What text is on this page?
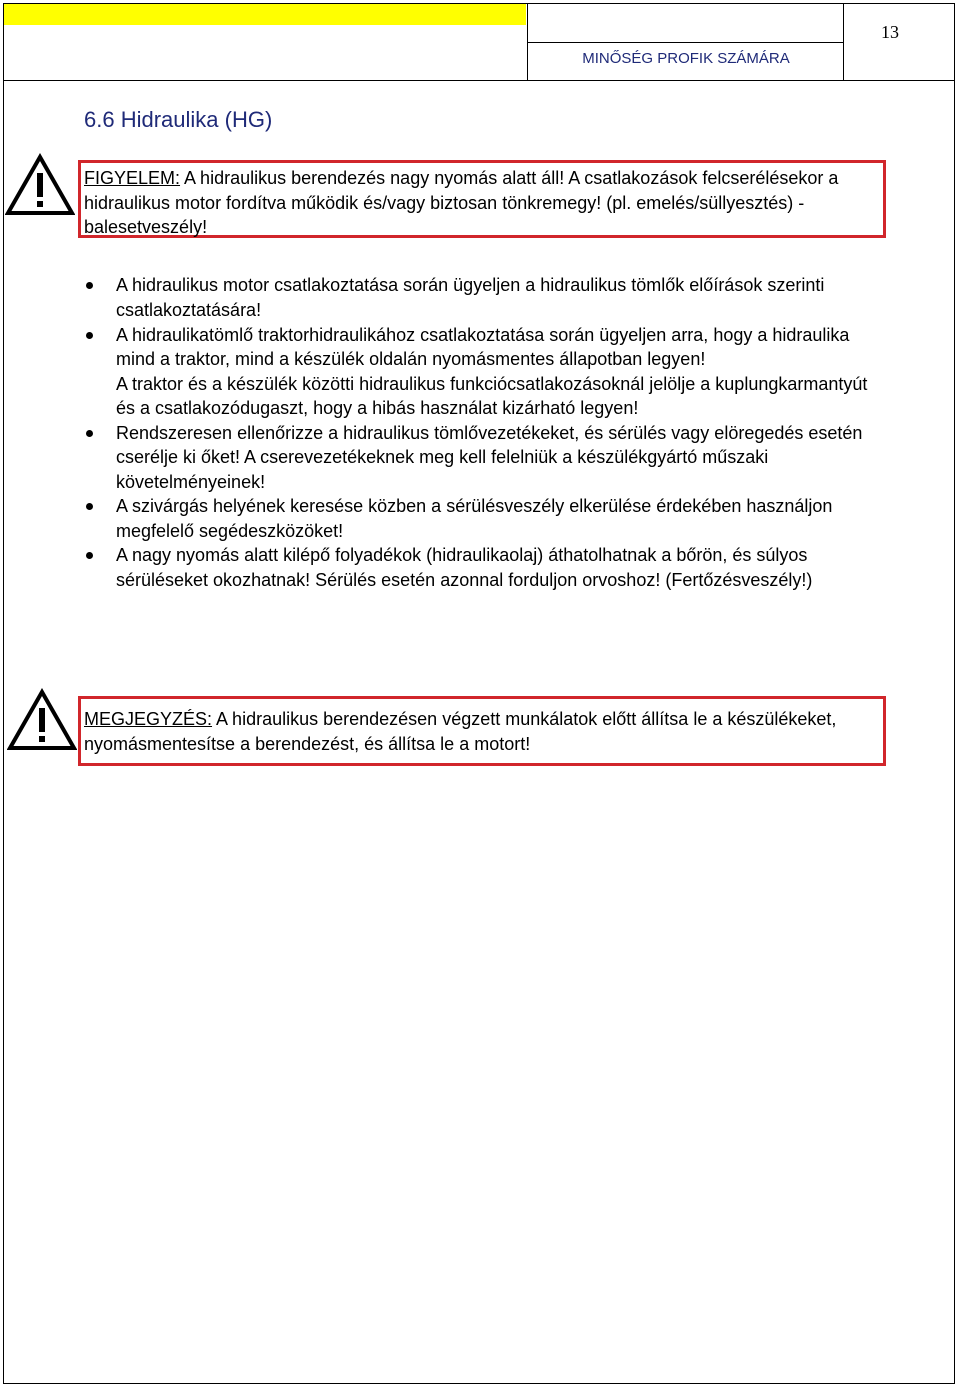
13
MINŐSÉG PROFIK SZÁMÁRA
6.6 Hidraulika (HG)
FIGYELEM: A hidraulikus berendezés nagy nyomás alatt áll! A csatlakozások felcserélésekor a hidraulikus motor fordítva működik és/vagy biztosan tönkremegy! (pl. emelés/süllyesztés) - balesetveszély!
A hidraulikus motor csatlakoztatása során ügyeljen a hidraulikus tömlők előírások szerinti csatlakoztatására!
A hidraulikatömlő traktorhidraulikához csatlakoztatása során ügyeljen arra, hogy a hidraulika mind a traktor, mind a készülék oldalán nyomásmentes állapotban legyen!
A traktor és a készülék közötti hidraulikus funkciócsatlakozásoknál jelölje a kuplungkarmantyút és a csatlakozódugaszt, hogy a hibás használat kizárható legyen!
Rendszeresen ellenőrizze a hidraulikus tömlővezetékeket, és sérülés vagy elöregedés esetén cserélje ki őket! A cserevezetékeknek meg kell felelniük a készülékgyártó műszaki követelményeinek!
A szivárgás helyének keresése közben a sérülésveszély elkerülése érdekében használjon megfelelő segédeszközöket!
A nagy nyomás alatt kilépő folyadékok (hidraulikaolaj) áthatolhatnak a bőrön, és súlyos sérüléseket okozhatnak! Sérülés esetén azonnal forduljon orvoshoz! (Fertőzésveszély!)
MEGJEGYZÉS: A hidraulikus berendezésen végzett munkálatok előtt állítsa le a készülékeket, nyomásmentesítse a berendezést, és állítsa le a motort!
